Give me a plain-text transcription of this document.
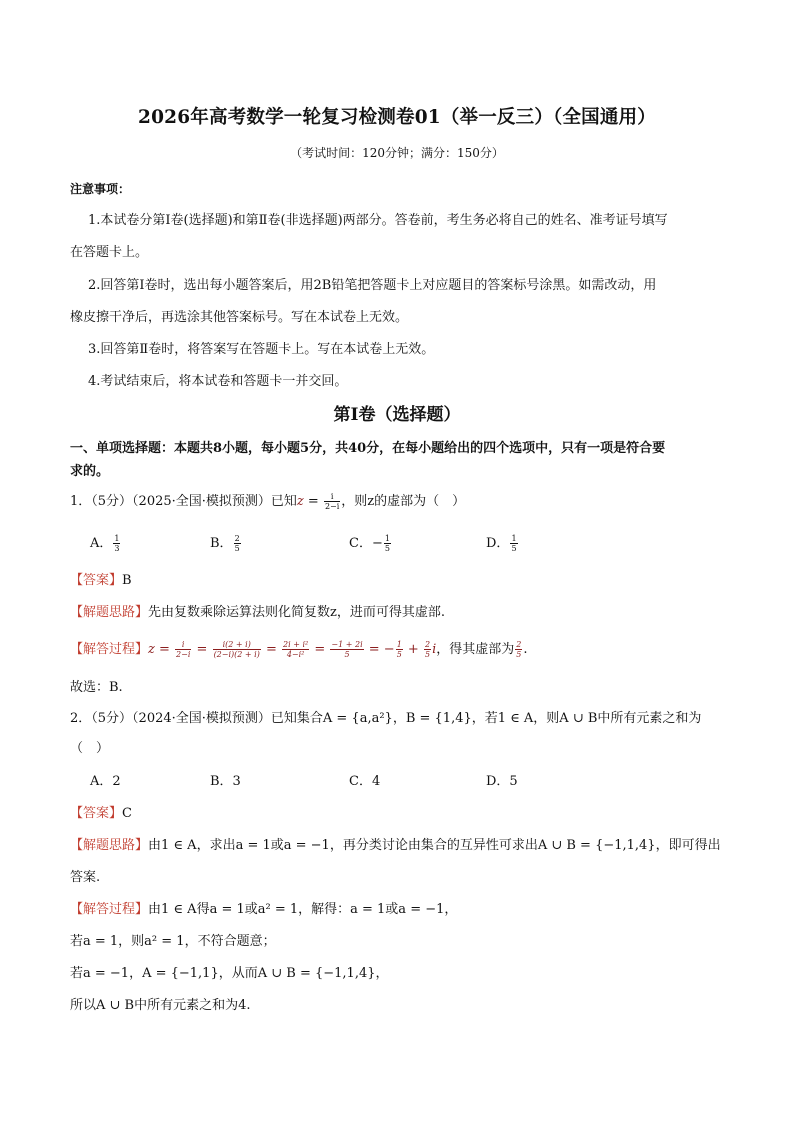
2026年高考数学一轮复习检测卷01（举一反三）（全国通用）
（考试时间：120分钟；满分：150分）
注意事项：
1.本试卷分第Ⅰ卷(选择题)和第Ⅱ卷(非选择题)两部分。答卷前，考生务必将自己的姓名、准考证号填写
在答题卡上。
2.回答第Ⅰ卷时，选出每小题答案后，用2B铅笔把答题卡上对应题目的答案标号涂黑。如需改动，用
橡皮擦干净后，再选涂其他答案标号。写在本试卷上无效。
3.回答第Ⅱ卷时，将答案写在答题卡上。写在本试卷上无效。
4.考试结束后，将本试卷和答题卡一并交回。
第Ⅰ卷（选择题）
一、单项选择题：本题共8小题，每小题5分，共40分，在每小题给出的四个选项中，只有一项是符合要
求的。
1．（5分）（2025·全国·模拟预测）已知$z = \frac{i}{2-i}$ ，则z的虚部为（　）
A． $\frac{1}{3}$	B． $\frac{2}{5}$	C．− $\frac{1}{5}$	D． $\frac{1}{5}$
【答案】B
【解题思路】先由复数乘除运算法则化简复数z，进而可得其虚部.
【解答过程】$z = \frac{i}{2-i} = \frac{i(2 + i)}{(2-i)(2 + i)} = \frac{\text{2i + i²}}{\text{4−i²}} = \frac{-1 + 2i}{5}$ = − $\frac{1}{5} + \frac{2}{5}$ i，得其虚部为 $\frac{2}{5}$ .
故选：B.
2．（5分）（2024·全国·模拟预测）已知集合A = {a,a²}，B = {1,4}，若1 ∈ A，则A ∪ B中所有元素之和为
（　）
A．2	B．3	C．4	D．5
【答案】C
【解题思路】由1 ∈ A，求出a = 1或a = −1，再分类讨论由集合的互异性可求出A ∪ B = {−1,1,4}，即可得出
答案.
【解答过程】由1 ∈ A得a = 1或a² = 1，解得：a = 1或a = −1，
若a = 1，则a² = 1，不符合题意；
若a = −1，A = {−1,1}，从而A ∪ B = {−1,1,4}，
所以A ∪ B中所有元素之和为4.
